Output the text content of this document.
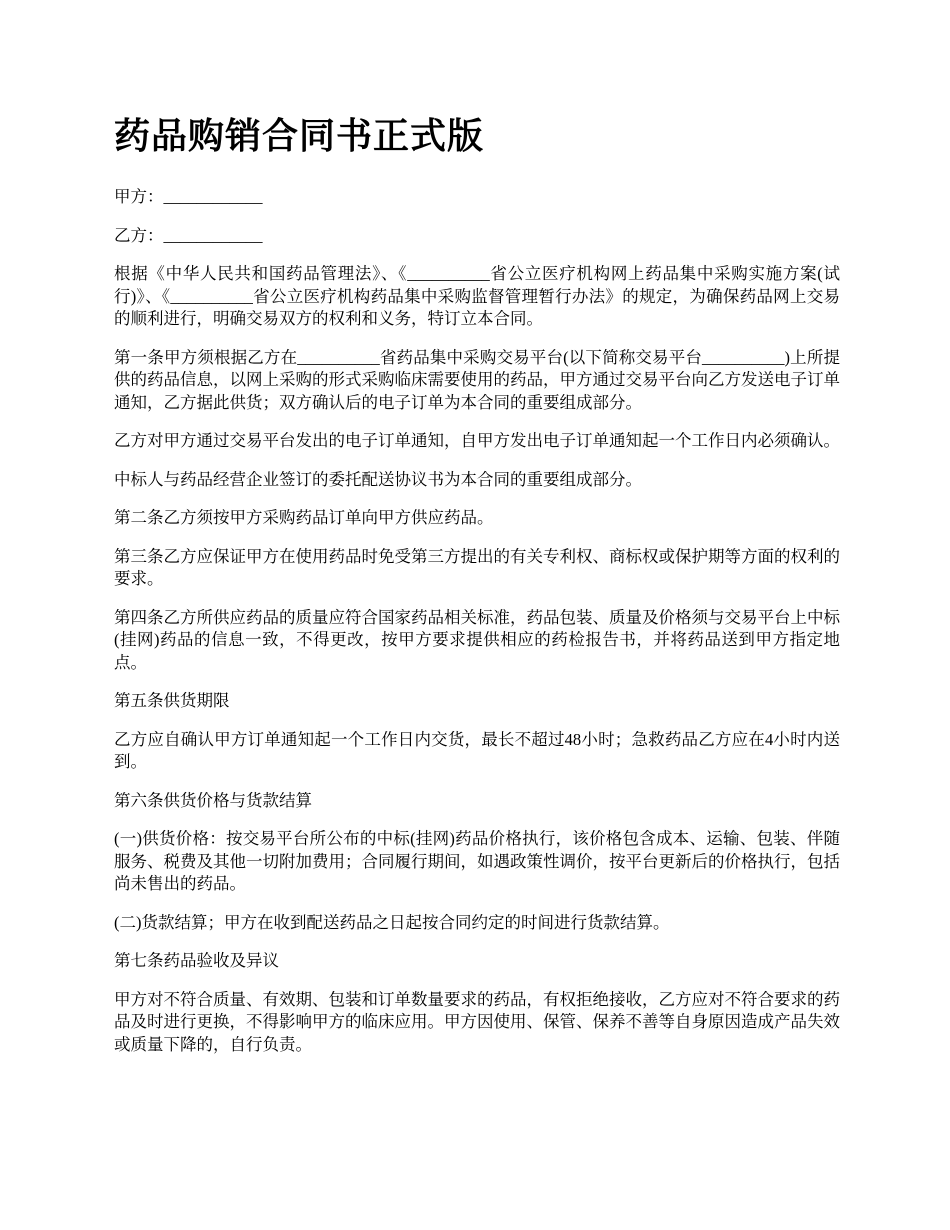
药品购销合同书正式版

甲方：____________

乙方：____________

根据《中华人民共和国药品管理法》、《__________省公立医疗机构网上药品集中采购实施方案(试行)》、《__________省公立医疗机构药品集中采购监督管理暂行办法》的规定，为确保药品网上交易的顺利进行，明确交易双方的权利和义务，特订立本合同。

第一条甲方须根据乙方在__________省药品集中采购交易平台(以下简称交易平台__________)上所提供的药品信息，以网上采购的形式采购临床需要使用的药品，甲方通过交易平台向乙方发送电子订单通知，乙方据此供货；双方确认后的电子订单为本合同的重要组成部分。

乙方对甲方通过交易平台发出的电子订单通知，自甲方发出电子订单通知起一个工作日内必须确认。

中标人与药品经营企业签订的委托配送协议书为本合同的重要组成部分。

第二条乙方须按甲方采购药品订单向甲方供应药品。

第三条乙方应保证甲方在使用药品时免受第三方提出的有关专利权、商标权或保护期等方面的权利的要求。

第四条乙方所供应药品的质量应符合国家药品相关标准，药品包装、质量及价格须与交易平台上中标(挂网)药品的信息一致，不得更改，按甲方要求提供相应的药检报告书，并将药品送到甲方指定地点。

第五条供货期限

乙方应自确认甲方订单通知起一个工作日内交货，最长不超过48小时；急救药品乙方应在4小时内送到。

第六条供货价格与货款结算

(一)供货价格：按交易平台所公布的中标(挂网)药品价格执行，该价格包含成本、运输、包装、伴随服务、税费及其他一切附加费用；合同履行期间，如遇政策性调价，按平台更新后的价格执行，包括尚未售出的药品。

(二)货款结算；甲方在收到配送药品之日起按合同约定的时间进行货款结算。

第七条药品验收及异议

甲方对不符合质量、有效期、包装和订单数量要求的药品，有权拒绝接收，乙方应对不符合要求的药品及时进行更换，不得影响甲方的临床应用。甲方因使用、保管、保养不善等自身原因造成产品失效或质量下降的，自行负责。
